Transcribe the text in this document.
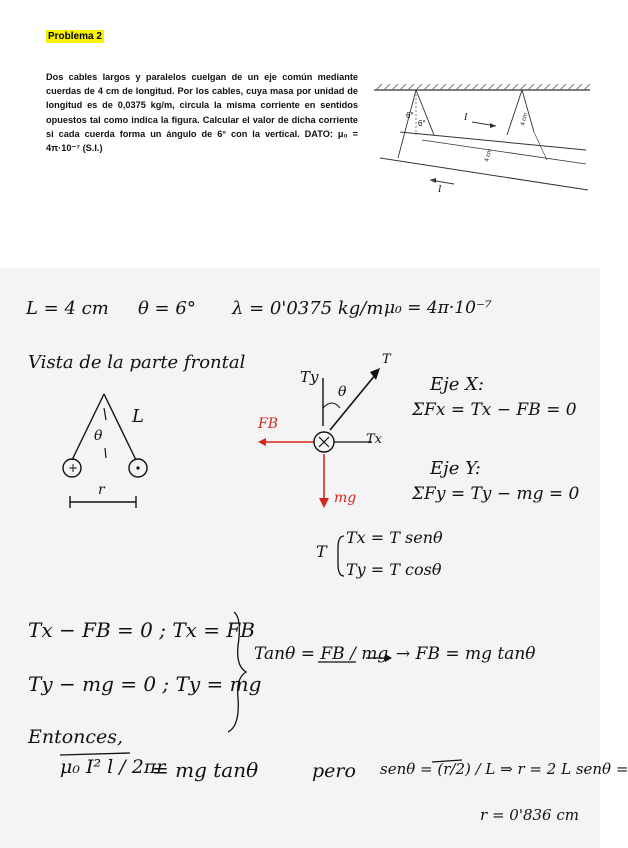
Problema 2
Dos cables largos y paralelos cuelgan de un eje común mediante cuerdas de 4 cm de longitud. Por los cables, cuya masa por unidad de longitud es de 0,0375 kg/m, circula la misma corriente en sentidos opuestos tal como indica la figura. Calcular el valor de dicha corriente si cada cuerda forma un ángulo de 6° con la vertical. DATO: μ₀ = 4π·10⁻⁷ (S.I.)
6°
6°
I
I
4 cm
4 cm
+
L = 4 cm θ = 6° λ = 0'0375 kg/m μ₀ = 4π·10⁻⁷
Vista de la parte frontal
L
θ
r
Ty
T
θ
Tx
FB
mg
Eje X:
ΣFx = Tx − FB = 0
Eje Y:
ΣFy = Ty − mg = 0
T
Tx = T senθ
Ty = T cosθ
Tx − FB = 0 ; Tx = FB
Ty − mg = 0 ; Ty = mg
Tanθ = FB / mg → FB = mg tanθ
Entonces,
μ₀ I² l / 2πr
= mg tanθ	pero senθ = (r/2) / L ⇒ r = 2 L senθ =
r = 0'836 cm
